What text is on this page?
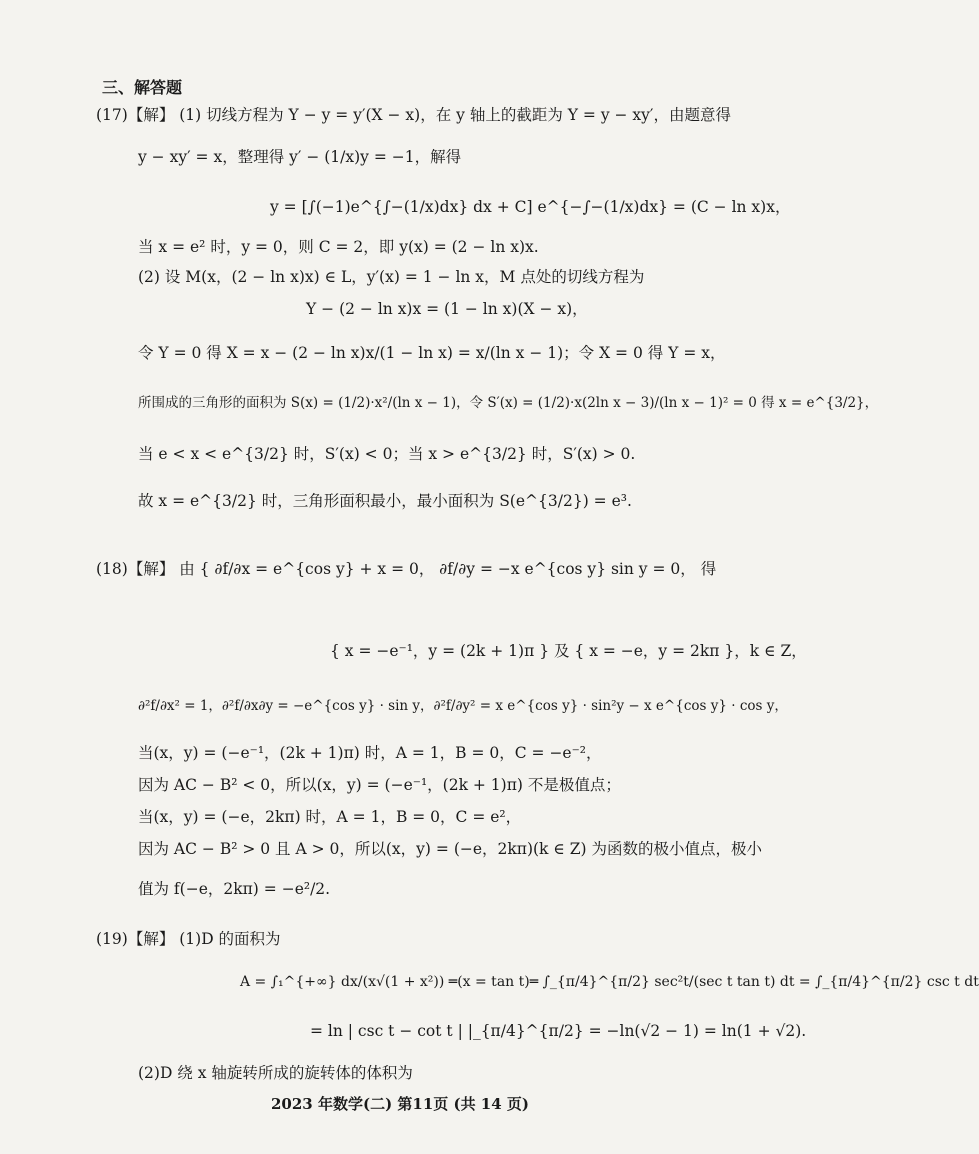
三、解答题
(17)【解】 (1) 切线方程为 Y − y = y′(X − x)，在 y 轴上的截距为 Y = y − xy′，由题意得
y − xy′ = x，整理得 y′ − (1/x)y = −1，解得
y = [∫(−1)e^{∫−(1/x)dx} dx + C] e^{−∫−(1/x)dx} = (C − ln x)x，
当 x = e² 时，y = 0，则 C = 2，即 y(x) = (2 − ln x)x.
(2) 设 M(x，(2 − ln x)x) ∈ L，y′(x) = 1 − ln x，M 点处的切线方程为
Y − (2 − ln x)x = (1 − ln x)(X − x)，
令 Y = 0 得 X = x − (2 − ln x)x/(1 − ln x) = x/(ln x − 1)；令 X = 0 得 Y = x，
所围成的三角形的面积为 S(x) = (1/2)·x²/(ln x − 1)，令 S′(x) = (1/2)·x(2ln x − 3)/(ln x − 1)² = 0 得 x = e^{3/2}，
当 e < x < e^{3/2} 时，S′(x) < 0；当 x > e^{3/2} 时，S′(x) > 0.
故 x = e^{3/2} 时，三角形面积最小，最小面积为 S(e^{3/2}) = e³.
(18)【解】 由 { ∂f/∂x = e^{cos y} + x = 0， ∂f/∂y = −x e^{cos y} sin y = 0， 得
{ x = −e⁻¹，y = (2k + 1)π } 及 { x = −e，y = 2kπ }，k ∈ Z，
∂²f/∂x² = 1，∂²f/∂x∂y = −e^{cos y} · sin y，∂²f/∂y² = x e^{cos y} · sin²y − x e^{cos y} · cos y，
当(x，y) = (−e⁻¹，(2k + 1)π) 时，A = 1，B = 0，C = −e⁻²，
因为 AC − B² < 0，所以(x，y) = (−e⁻¹，(2k + 1)π) 不是极值点；
当(x，y) = (−e，2kπ) 时，A = 1，B = 0，C = e²，
因为 AC − B² > 0 且 A > 0，所以(x，y) = (−e，2kπ)(k ∈ Z) 为函数的极小值点，极小
值为 f(−e，2kπ) = −e²/2.
(19)【解】 (1)D 的面积为
A = ∫₁^{+∞} dx/(x√(1 + x²)) ═(x = tan t)═ ∫_{π/4}^{π/2} sec²t/(sec t tan t) dt = ∫_{π/4}^{π/2} csc t dt
= ln | csc t − cot t | |_{π/4}^{π/2} = −ln(√2 − 1) = ln(1 + √2).
(2)D 绕 x 轴旋转所成的旋转体的体积为
2023 年数学(二) 第11页 (共 14 页)
